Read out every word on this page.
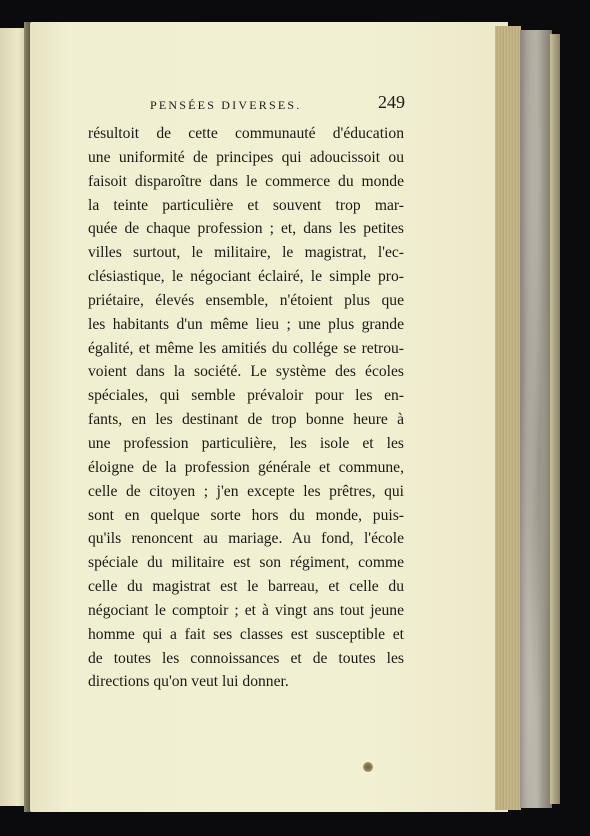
PENSÉES DIVERSES.	249
résultoit de cette communauté d'éducation
une uniformité de principes qui adoucissoit ou
faisoit disparoître dans le commerce du monde
la teinte particulière et souvent trop mar-
quée de chaque profession ; et, dans les petites
villes surtout, le militaire, le magistrat, l'ec-
clésiastique, le négociant éclairé, le simple pro-
priétaire, élevés ensemble, n'étoient plus que
les habitants d'un même lieu ; une plus grande
égalité, et même les amitiés du collége se retrou-
voient dans la société. Le système des écoles
spéciales, qui semble prévaloir pour les en-
fants, en les destinant de trop bonne heure à
une profession particulière, les isole et les
éloigne de la profession générale et commune,
celle de citoyen ; j'en excepte les prêtres, qui
sont en quelque sorte hors du monde, puis-
qu'ils renoncent au mariage. Au fond, l'école
spéciale du militaire est son régiment, comme
celle du magistrat est le barreau, et celle du
négociant le comptoir ; et à vingt ans tout jeune
homme qui a fait ses classes est susceptible et
de toutes les connoissances et de toutes les
directions qu'on veut lui donner.
